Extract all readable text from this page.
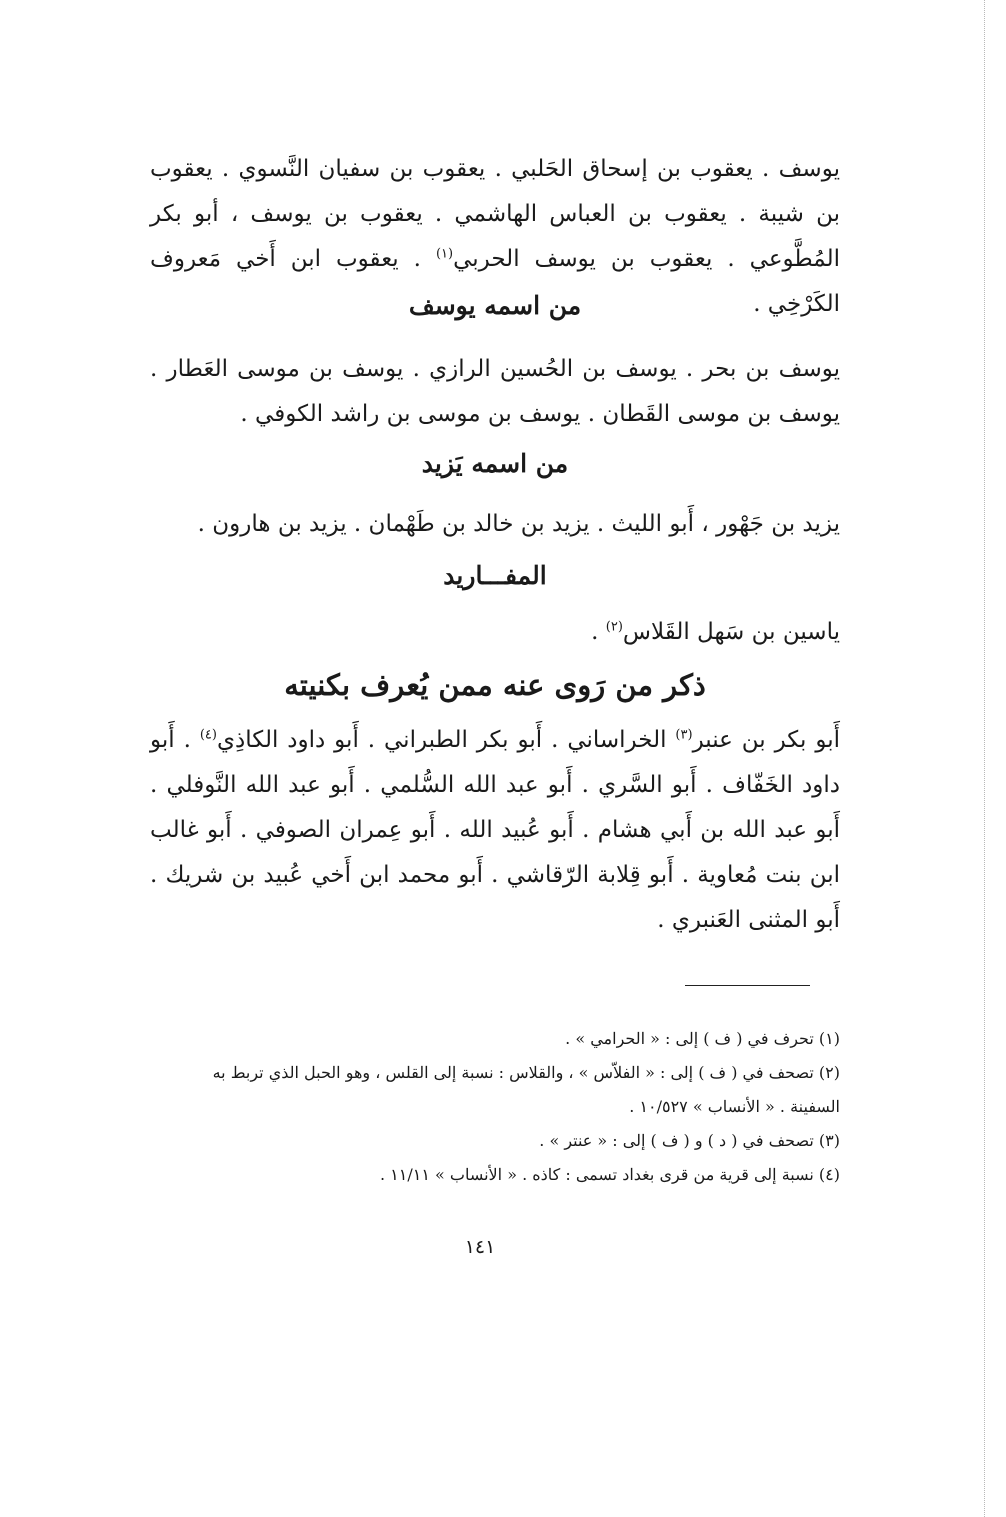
يوسف . يعقوب بن إسحاق الحَلبي . يعقوب بن سفيان النَّسوي . يعقوب بن شيبة . يعقوب بن العباس الهاشمي . يعقوب بن يوسف ، أبو بكر المُطَّوعي . يعقوب بن يوسف الحربي$^{(١)}$ . يعقوب ابن أَخي مَعروف الكَرْخِي .
من اسمه يوسف
يوسف بن بحر . يوسف بن الحُسين الرازي . يوسف بن موسى العَطار . يوسف بن موسى القَطان . يوسف بن موسى بن راشد الكوفي .
من اسمه يَزيد
يزيد بن جَهْور ، أَبو الليث . يزيد بن خالد بن طَهْمان . يزيد بن هارون .
المفـــاريد
ياسين بن سَهل القَلاس$^{(٢)}$ .
ذكر من رَوى عنه ممن يُعرف بكنيته
أَبو بكر بن عنبر$^{(٣)}$ الخراساني . أَبو بكر الطبراني . أَبو داود الكاذِي$^{(٤)}$ . أَبو داود الخَفّاف . أَبو السَّري . أَبو عبد الله السُّلمي . أَبو عبد الله النَّوفلي . أَبو عبد الله بن أَبي هشام . أَبو عُبيد الله . أَبو عِمران الصوفي . أَبو غالب ابن بنت مُعاوية . أَبو قِلابة الرّقاشي . أَبو محمد ابن أَخي عُبيد بن شريك . أَبو المثنى العَنبري .
(١) تحرف في ( ف ) إلى : « الحرامي » .
(٢) تصحف في ( ف ) إلى : « الفلاّس » ، والقلاس : نسبة إلى القلس ، وهو الحبل الذي تربط به
السفينة . « الأنساب » ١٠/٥٢٧ .
(٣) تصحف في ( د ) و ( ف ) إلى : « عنتر » .
(٤) نسبة إلى قرية من قرى بغداد تسمى : كاذه . « الأنساب » ١١/١١ .
١٤١
